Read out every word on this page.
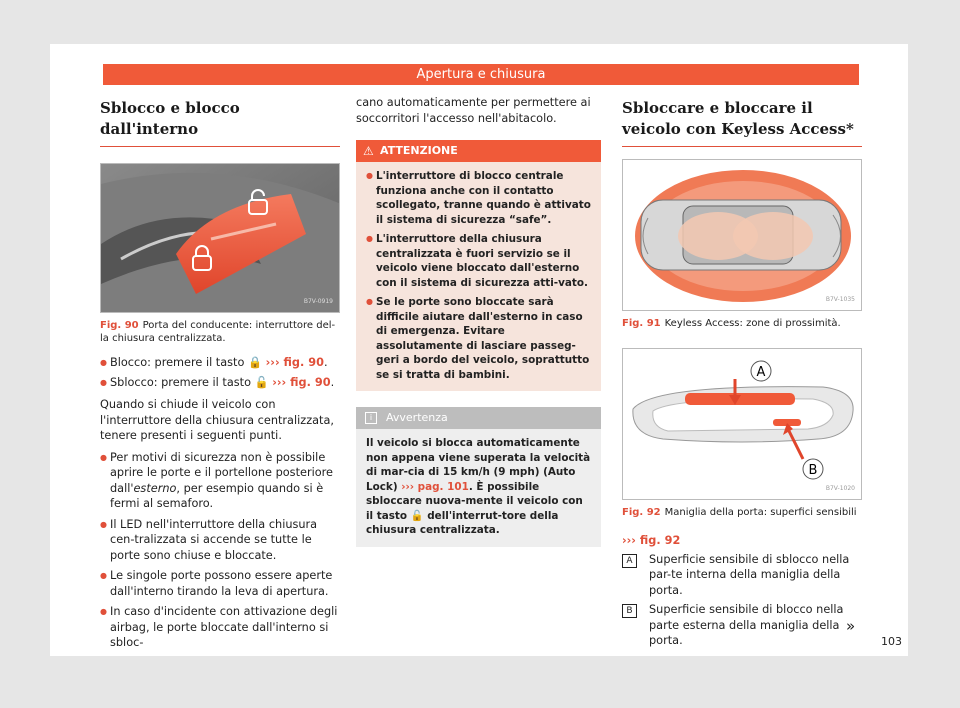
Apertura e chiusura
Sblocco e blocco dall'interno
B7V-0919
Fig. 90 Porta del conducente: interruttore del-la chiusura centralizzata.

● Blocco: premere il tasto 🔒 ››› fig. 90.

● Sblocco: premere il tasto 🔓 ››› fig. 90.

Quando si chiude il veicolo con l'interruttore della chiusura centralizzata, tenere presenti i seguenti punti.

● Per motivi di sicurezza non è possibile aprire le porte e il portellone posteriore dall'esterno, per esempio quando si è fermi al semaforo.

● Il LED nell'interruttore della chiusura cen-tralizzata si accende se tutte le porte sono chiuse e bloccate.

● Le singole porte possono essere aperte dall'interno tirando la leva di apertura.

● In caso d'incidente con attivazione degli airbag, le porte bloccate dall'interno si sbloc-

cano automaticamente per permettere ai soccorritori l'accesso nell'abitacolo.

⚠ ATTENZIONE

● L'interruttore di blocco centrale funziona anche con il contatto scollegato, tranne quando è attivato il sistema di sicurezza “safe”.

● L'interruttore della chiusura centralizzata è fuori servizio se il veicolo viene bloccato dall'esterno con il sistema di sicurezza atti-vato.

● Se le porte sono bloccate sarà difficile aiutare dall'esterno in caso di emergenza. Evitare assolutamente di lasciare passeg-geri a bordo del veicolo, soprattutto se si tratta di bambini.

i	Avvertenza
Il veicolo si blocca automaticamente non appena viene superata la velocità di mar-cia di 15 km/h (9 mph) (Auto Lock) ››› pag. 101. È possibile sbloccare nuova-mente il veicolo con il tasto 🔓 dell'interrut-tore della chiusura centralizzata.
Sbloccare e bloccare il veicolo con Keyless Access*
B7V-1035
Fig. 91 Keyless Access: zone di prossimità.
A
B
B7V-1020
Fig. 92 Maniglia della porta: superfici sensibili

››› fig. 92

A	Superficie sensibile di sblocco nella par-te interna della maniglia della porta.
B	Superficie sensibile di blocco nella parte esterna della maniglia della porta.
»
103
